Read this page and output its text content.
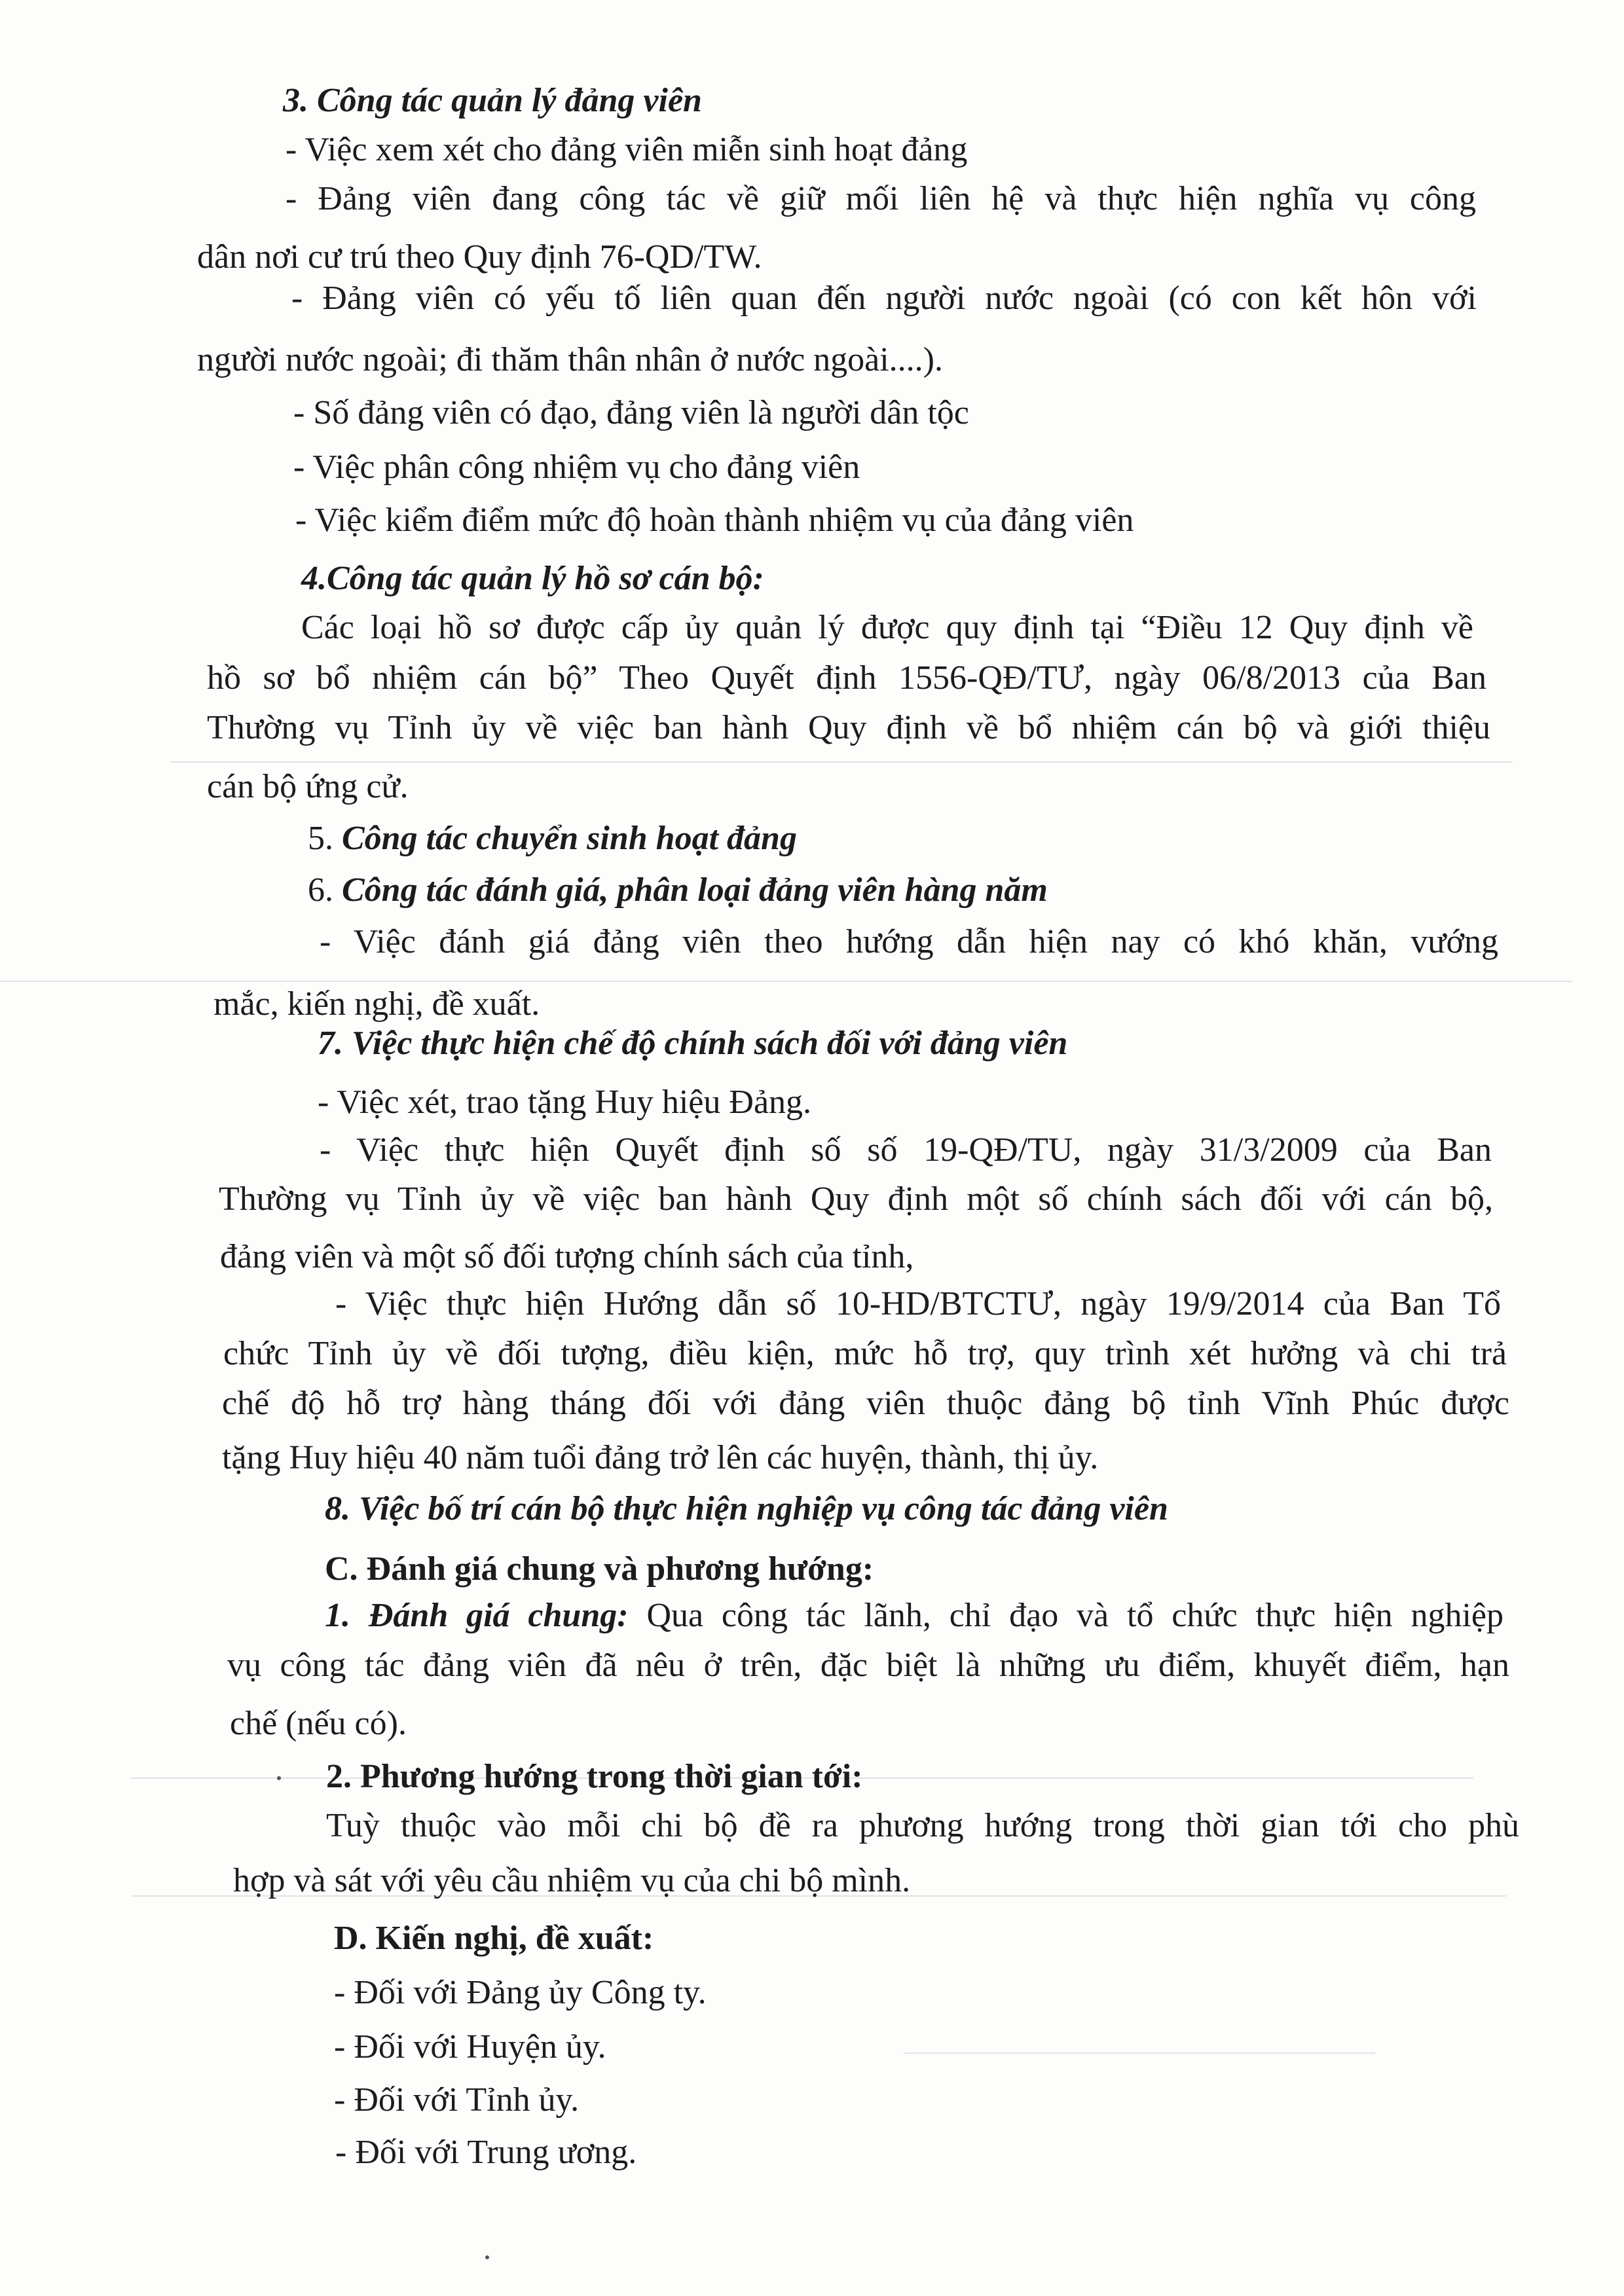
3. Công tác quản lý đảng viên
- Việc xem xét cho đảng viên miễn sinh hoạt đảng
- Đảng viên đang công tác về giữ mối liên hệ và thực hiện nghĩa vụ công
dân nơi cư trú theo Quy định 76-QD/TW.
- Đảng viên có yếu tố liên quan đến người nước ngoài (có con kết hôn với
người nước ngoài; đi thăm thân nhân ở nước ngoài....).
- Số đảng viên có đạo, đảng viên là người dân tộc
- Việc phân công nhiệm vụ cho đảng viên
- Việc kiểm điểm mức độ hoàn thành nhiệm vụ của đảng viên
4.Công tác quản lý hồ sơ cán bộ:
Các loại hồ sơ được cấp ủy quản lý được quy định tại “Điều 12 Quy định về
hồ sơ bổ nhiệm cán bộ” Theo Quyết định 1556-QĐ/TƯ, ngày 06/8/2013 của Ban
Thường vụ Tỉnh ủy về việc ban hành Quy định về bổ nhiệm cán bộ và giới thiệu
cán bộ ứng cử.
5. Công tác chuyển sinh hoạt đảng
6. Công tác đánh giá, phân loại đảng viên hàng năm
- Việc đánh giá đảng viên theo hướng dẫn hiện nay có khó khăn, vướng
mắc, kiến nghị, đề xuất.
7. Việc thực hiện chế độ chính sách đối với đảng viên
- Việc xét, trao tặng Huy hiệu Đảng.
- Việc thực hiện Quyết định số số 19-QĐ/TU, ngày 31/3/2009 của Ban
Thường vụ Tỉnh ủy về việc ban hành Quy định một số chính sách đối với cán bộ,
đảng viên và một số đối tượng chính sách của tỉnh,
- Việc thực hiện Hướng dẫn số 10-HD/BTCTƯ, ngày 19/9/2014 của Ban Tổ
chức Tỉnh ủy về đối tượng, điều kiện, mức hỗ trợ, quy trình xét hưởng và chi trả
chế độ hỗ trợ hàng tháng đối với đảng viên thuộc đảng bộ tỉnh Vĩnh Phúc được
tặng Huy hiệu 40 năm tuổi đảng trở lên các huyện, thành, thị ủy.
8. Việc bố trí cán bộ thực hiện nghiệp vụ công tác đảng viên
C. Đánh giá chung và phương hướng:
1. Đánh giá chung: Qua công tác lãnh, chỉ đạo và tổ chức thực hiện nghiệp
vụ công tác đảng viên đã nêu ở trên, đặc biệt là những ưu điểm, khuyết điểm, hạn
chế (nếu có).
2. Phương hướng trong thời gian tới:
Tuỳ thuộc vào mỗi chi bộ đề ra phương hướng trong thời gian tới cho phù
hợp và sát với yêu cầu nhiệm vụ của chi bộ mình.
D. Kiến nghị, đề xuất:
- Đối với Đảng ủy Công ty.
- Đối với Huyện ủy.
- Đối với Tỉnh ủy.
- Đối với Trung ương.
